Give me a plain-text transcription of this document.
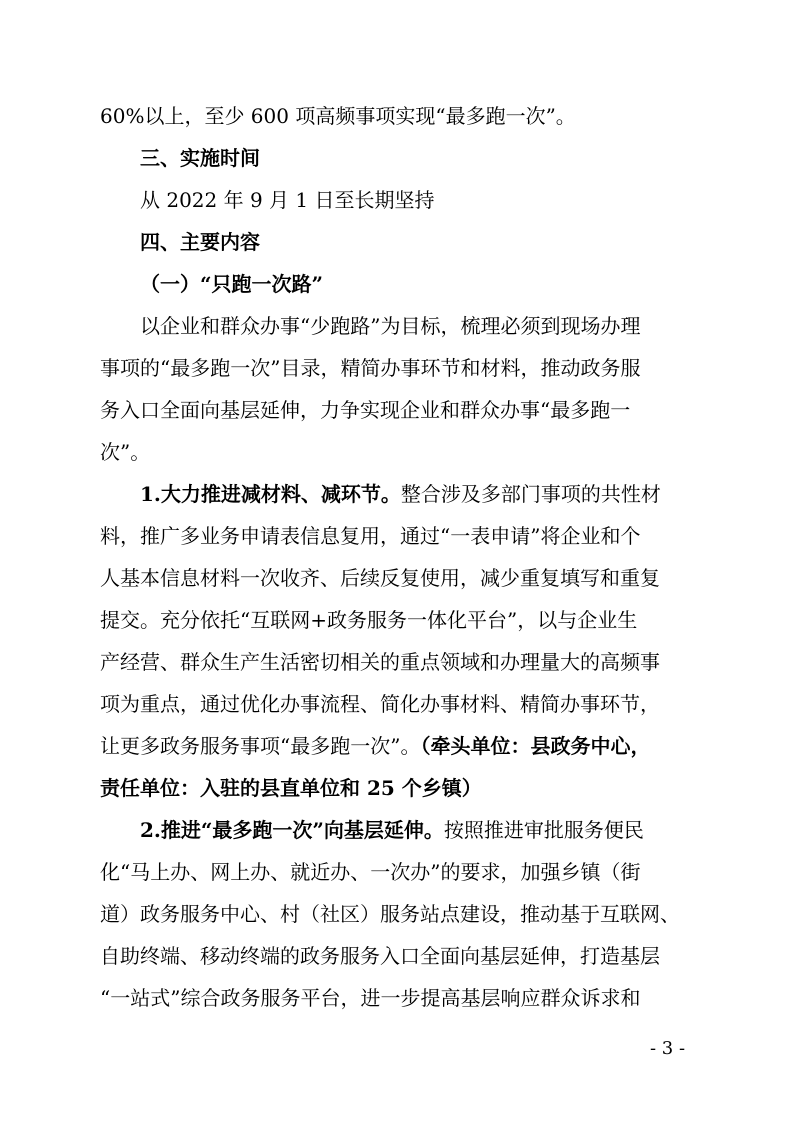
60%以上，至少 600 项高频事项实现“最多跑一次”。
三、实施时间
从 2022 年 9 月 1 日至长期坚持
四、主要内容
（一）“只跑一次路”
以企业和群众办事“少跑路”为目标，梳理必须到现场办理
事项的“最多跑一次”目录，精简办事环节和材料，推动政务服
务入口全面向基层延伸，力争实现企业和群众办事“最多跑一
次”。
1.大力推进减材料、减环节。整合涉及多部门事项的共性材
料，推广多业务申请表信息复用，通过“一表申请”将企业和个
人基本信息材料一次收齐、后续反复使用，减少重复填写和重复
提交。充分依托“互联网+政务服务一体化平台”，以与企业生
产经营、群众生产生活密切相关的重点领域和办理量大的高频事
项为重点，通过优化办事流程、简化办事材料、精简办事环节，
让更多政务服务事项“最多跑一次”。（牵头单位：县政务中心，
责任单位：入驻的县直单位和 25 个乡镇）
2.推进“最多跑一次”向基层延伸。按照推进审批服务便民
化“马上办、网上办、就近办、一次办”的要求，加强乡镇（街
道）政务服务中心、村（社区）服务站点建设，推动基于互联网、
自助终端、移动终端的政务服务入口全面向基层延伸，打造基层
“一站式”综合政务服务平台，进一步提高基层响应群众诉求和
- 3 -
